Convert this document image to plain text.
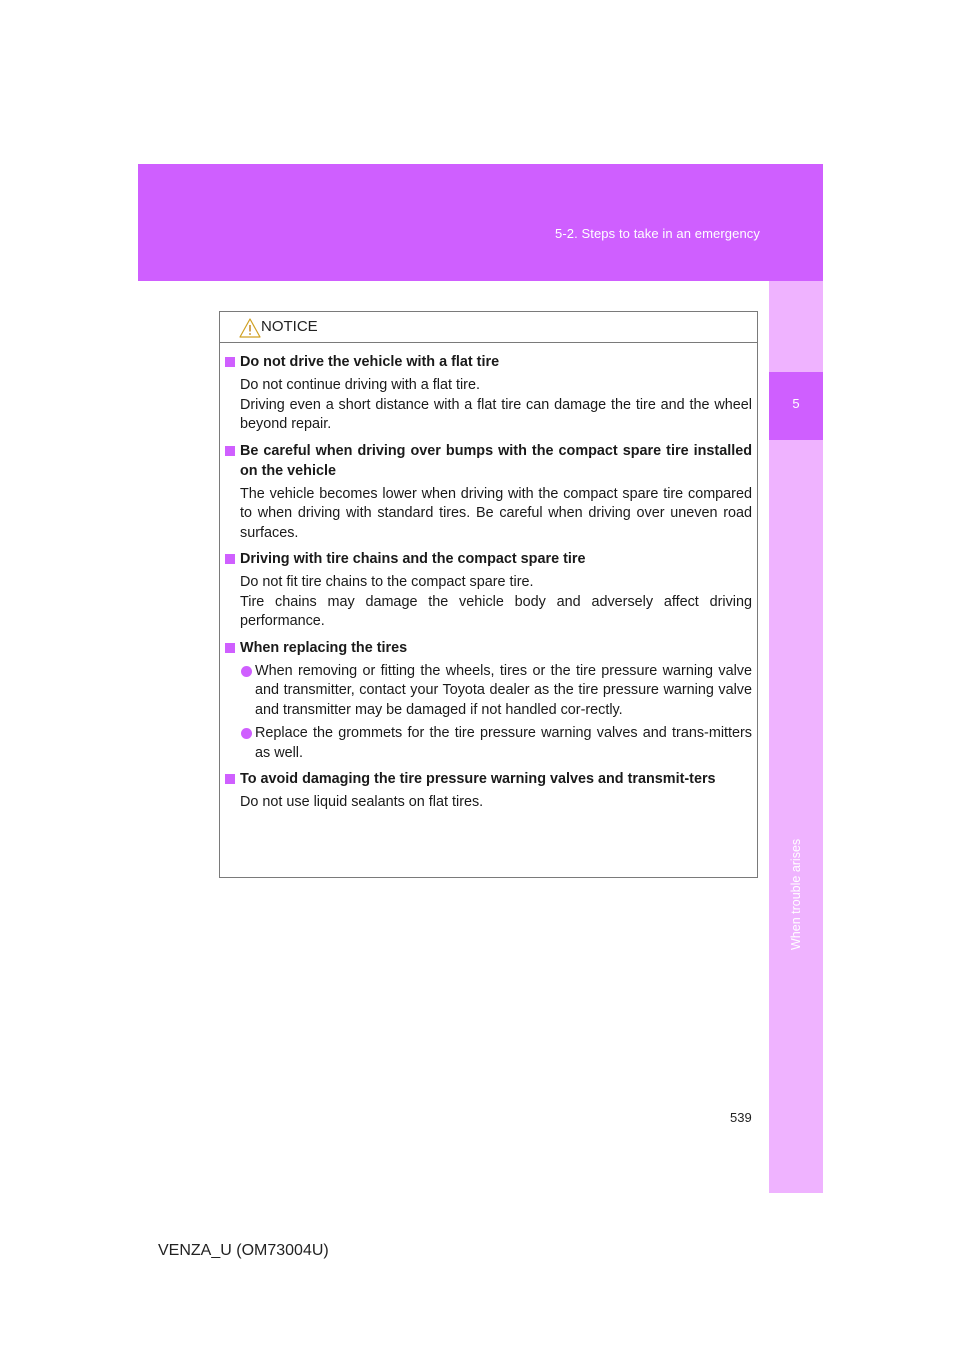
5-2. Steps to take in an emergency
5
When trouble arises
NOTICE
Do not drive the vehicle with a flat tire
Do not continue driving with a flat tire.
Driving even a short distance with a flat tire can damage the tire and the wheel beyond repair.
Be careful when driving over bumps with the compact spare tire installed on the vehicle
The vehicle becomes lower when driving with the compact spare tire compared to when driving with standard tires. Be careful when driving over uneven road surfaces.
Driving with tire chains and the compact spare tire
Do not fit tire chains to the compact spare tire.
Tire chains may damage the vehicle body and adversely affect driving performance.
When replacing the tires
When removing or fitting the wheels, tires or the tire pressure warning valve and transmitter, contact your Toyota dealer as the tire pressure warning valve and transmitter may be damaged if not handled cor-rectly.
Replace the grommets for the tire pressure warning valves and trans-mitters as well.
To avoid damaging the tire pressure warning valves and transmit-ters
Do not use liquid sealants on flat tires.
539
VENZA_U (OM73004U)
